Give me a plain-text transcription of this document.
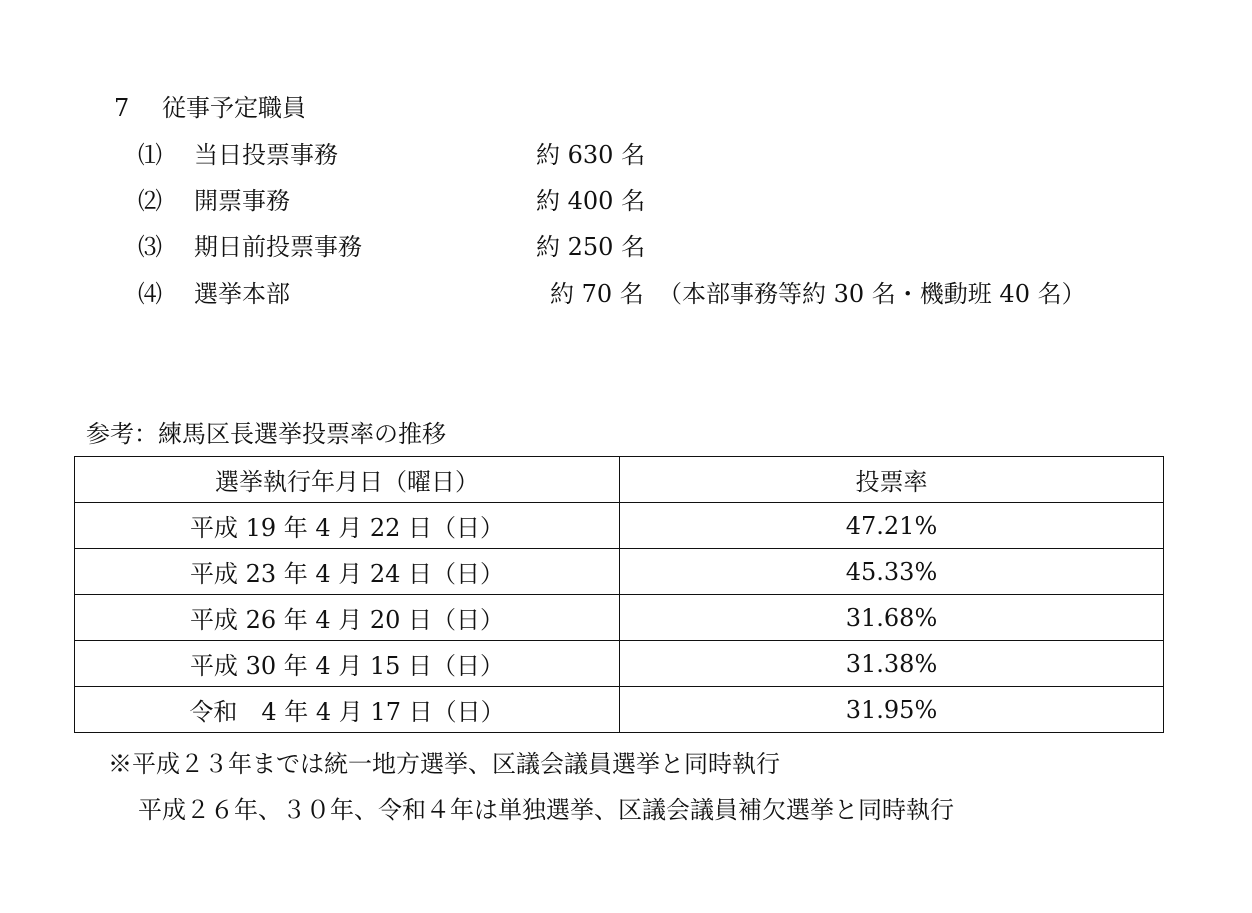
7 従事予定職員
⑴ 当日投票事務	約 630 名
⑵ 開票事務	約 400 名
⑶ 期日前投票事務	約 250 名
⑷ 選挙本部	約 70 名 （本部事務等約 30 名・機動班 40 名）
参考：練馬区長選挙投票率の推移
選挙執行年月日（曜日）	投票率
平成 19 年 4 月 22 日（日）	47.21%
平成 23 年 4 月 24 日（日）	45.33%
平成 26 年 4 月 20 日（日）	31.68%
平成 30 年 4 月 15 日（日）	31.38%
令和　4 年 4 月 17 日（日）	31.95%
※平成２３年までは統一地方選挙、区議会議員選挙と同時執行
平成２６年、３０年、令和４年は単独選挙、区議会議員補欠選挙と同時執行
